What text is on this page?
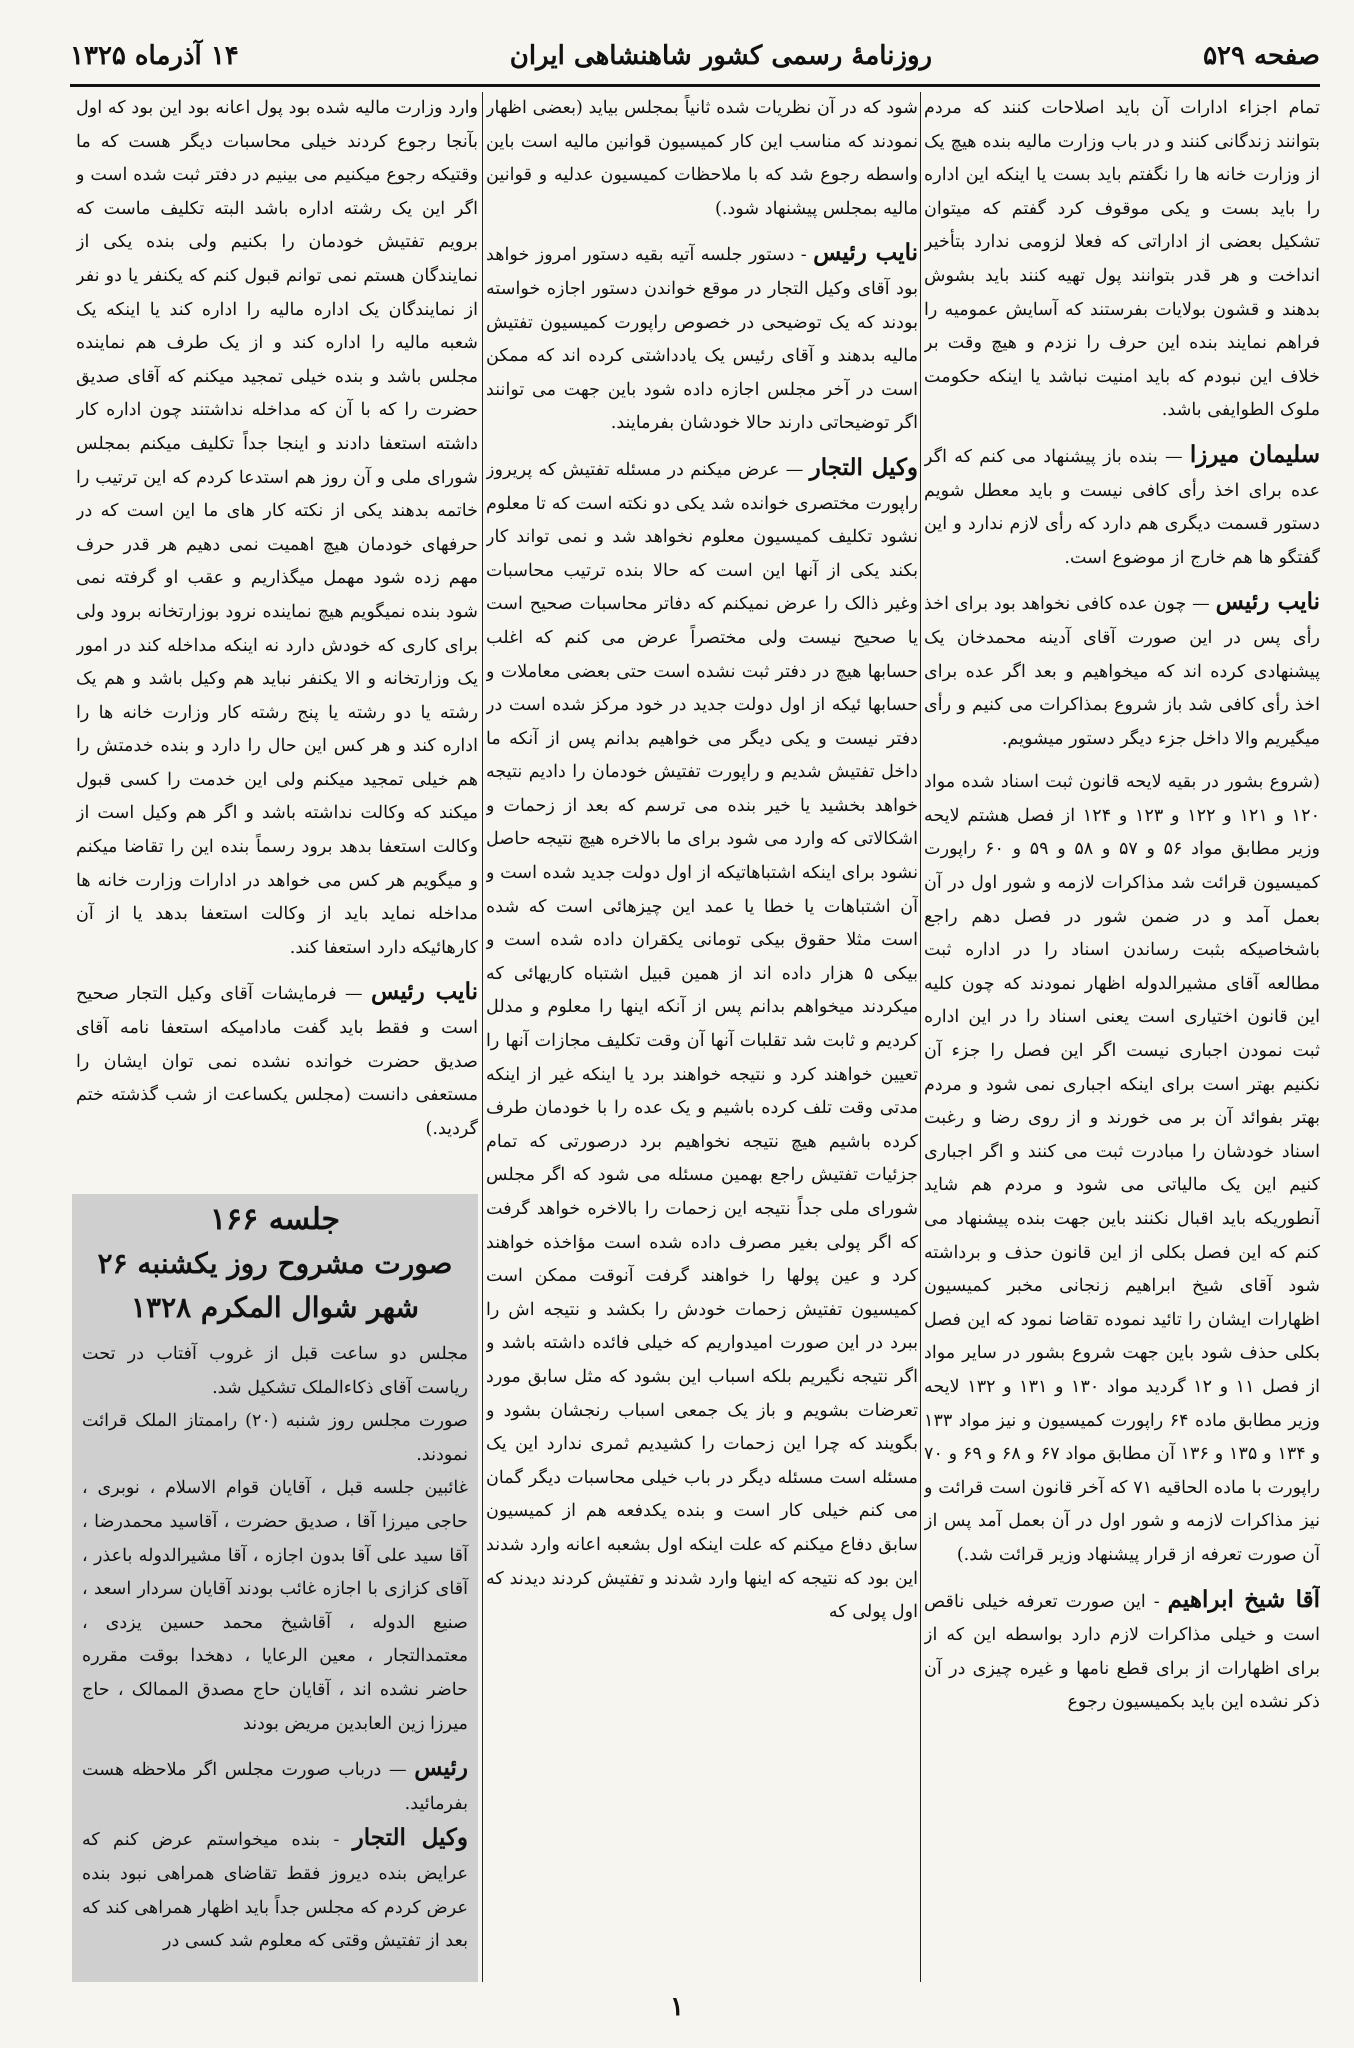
صفحه ۵۲۹
روزنامهٔ رسمی کشور شاهنشاهی ایران
۱۴ آذرماه ۱۳۲۵
تمام اجزاء ادارات آن باید اصلاحات کنند که مردم بتوانند زندگانی کنند و در باب وزارت مالیه بنده هیچ یک از وزارت خانه ها را نگفتم باید بست یا اینکه این اداره را باید بست و یکی موقوف کرد گفتم که میتوان تشکیل بعضی از اداراتی که فعلا لزومی ندارد بتأخیر انداخت و هر قدر بتوانند پول تهیه کنند باید بشوش بدهند و قشون بولایات بفرستند که آسایش عمومیه را فراهم نمایند بنده این حرف را نزدم و هیچ وقت بر خلاف این نبودم که باید امنیت نباشد یا اینکه حکومت ملوک الطوایفی باشد.
سلیمان میرزا — بنده باز پیشنهاد می کنم که اگر عده برای اخذ رأی کافی نیست و باید معطل شویم دستور قسمت دیگری هم دارد که رأی لازم ندارد و این گفتگو ها هم خارج از موضوع است.
نایب رئیس — چون عده کافی نخواهد بود برای اخذ رأی پس در این صورت آقای آدینه محمدخان یک پیشنهادی کرده اند که میخواهیم و بعد اگر عده برای اخذ رأی کافی شد باز شروع بمذاکرات می کنیم و رأی میگیریم والا داخل جزء دیگر دستور میشویم.
(شروع بشور در بقیه لایحه قانون ثبت اسناد شده مواد ۱۲۰ و ۱۲۱ و ۱۲۲ و ۱۲۳ و ۱۲۴ از فصل هشتم لایحه وزیر مطابق مواد ۵۶ و ۵۷ و ۵۸ و ۵۹ و ۶۰ راپورت کمیسیون قرائت شد مذاکرات لازمه و شور اول در آن بعمل آمد و در ضمن شور در فصل دهم راجع باشخاصیکه بثبت رساندن اسناد را در اداره ثبت مطالعه آقای مشیرالدوله اظهار نمودند که چون کلیه این قانون اختیاری است یعنی اسناد را در این اداره ثبت نمودن اجباری نیست اگر این فصل را جزء آن نکنیم بهتر است برای اینکه اجباری نمی شود و مردم بهتر بفوائد آن بر می خورند و از روی رضا و رغبت اسناد خودشان را مبادرت ثبت می کنند و اگر اجباری کنیم این یک مالیاتی می شود و مردم هم شاید آنطوریکه باید اقبال نکنند باین جهت بنده پیشنهاد می کنم که این فصل بکلی از این قانون حذف و برداشته شود آقای شیخ ابراهیم زنجانی مخبر کمیسیون اظهارات ایشان را تائید نموده تقاضا نمود که این فصل بکلی حذف شود باین جهت شروع بشور در سایر مواد از فصل ۱۱ و ۱۲ گردید مواد ۱۳۰ و ۱۳۱ و ۱۳۲ لایحه وزیر مطابق ماده ۶۴ راپورت کمیسیون و نیز مواد ۱۳۳ و ۱۳۴ و ۱۳۵ و ۱۳۶ آن مطابق مواد ۶۷ و ۶۸ و ۶۹ و ۷۰ راپورت با ماده الحاقیه ۷۱ که آخر قانون است قرائت و نیز مذاکرات لازمه و شور اول در آن بعمل آمد پس از آن صورت تعرفه از قرار پیشنهاد وزیر قرائت شد.)
آقا شیخ ابراهیم - این صورت تعرفه خیلی ناقص است و خیلی مذاکرات لازم دارد بواسطه این که از برای اظهارات از برای قطع نامها و غیره چیزی در آن ذکر نشده این باید بکمیسیون رجوع
شود که در آن نظریات شده ثانیاً بمجلس بیاید (بعضی اظهار نمودند که مناسب این کار کمیسیون قوانین مالیه است باین واسطه رجوع شد که با ملاحظات کمیسیون عدلیه و قوانین مالیه بمجلس پیشنهاد شود.)
نایب رئیس - دستور جلسه آتیه بقیه دستور امروز خواهد بود آقای وکیل التجار در موقع خواندن دستور اجازه خواسته بودند که یک توضیحی در خصوص راپورت کمیسیون تفتیش مالیه بدهند و آقای رئیس یک یادداشتی کرده اند که ممکن است در آخر مجلس اجازه داده شود باین جهت می توانند اگر توضیحاتی دارند حالا خودشان بفرمایند.
وکیل التجار — عرض میکنم در مسئله تفتیش که پریروز راپورت مختصری خوانده شد یکی دو نکته است که تا معلوم نشود تکلیف کمیسیون معلوم نخواهد شد و نمی تواند کار بکند یکی از آنها این است که حالا بنده ترتیب محاسبات وغیر ذالک را عرض نمیکنم که دفاتر محاسبات صحیح است یا صحیح نیست ولی مختصراً عرض می کنم که اغلب حسابها هیچ در دفتر ثبت نشده است حتی بعضی معاملات و حسابها ئیکه از اول دولت جدید در خود مرکز شده است در دفتر نیست و یکی دیگر می خواهیم بدانم پس از آنکه ما داخل تفتیش شدیم و راپورت تفتیش خودمان را دادیم نتیجه خواهد بخشید یا خیر بنده می ترسم که بعد از زحمات و اشکالاتی که وارد می شود برای ما بالاخره هیچ نتیجه حاصل نشود برای اینکه اشتباهاتیکه از اول دولت جدید شده است و آن اشتباهات یا خطا یا عمد این چیزهائی است که شده است مثلا حقوق بیکی تومانی یکقران داده شده است و بیکی ۵ هزار داده اند از همین قبیل اشتباه کاریهائی که میکردند میخواهم بدانم پس از آنکه اینها را معلوم و مدلل کردیم و ثابت شد تقلبات آنها آن وقت تکلیف مجازات آنها را تعیین خواهند کرد و نتیجه خواهند برد یا اینکه غیر از اینکه مدتی وقت تلف کرده باشیم و یک عده را با خودمان طرف کرده باشیم هیچ نتیجه نخواهیم برد درصورتی که تمام جزئیات تفتیش راجع بهمین مسئله می شود که اگر مجلس شورای ملی جداً نتیجه این زحمات را بالاخره خواهد گرفت که اگر پولی بغیر مصرف داده شده است مؤاخذه خواهند کرد و عین پولها را خواهند گرفت آنوقت ممکن است کمیسیون تفتیش زحمات خودش را بکشد و نتیجه اش را ببرد در این صورت امیدواریم که خیلی فائده داشته باشد و اگر نتیجه نگیریم بلکه اسباب این بشود که مثل سابق مورد تعرضات بشویم و باز یک جمعی اسباب رنجشان بشود و بگویند که چرا این زحمات را کشیدیم ثمری ندارد این یک مسئله است مسئله دیگر در باب خیلی محاسبات دیگر گمان می کنم خیلی کار است و بنده یکدفعه هم از کمیسیون سابق دفاع میکنم که علت اینکه اول بشعبه اعانه وارد شدند این بود که نتیجه که اینها وارد شدند و تفتیش کردند دیدند که اول پولی که
وارد وزارت مالیه شده بود پول اعانه بود این بود که اول بآنجا رجوع کردند خیلی محاسبات دیگر هست که ما وقتیکه رجوع میکنیم می بینیم در دفتر ثبت شده است و اگر این یک رشته اداره باشد البته تکلیف ماست که برویم تفتیش خودمان را بکنیم ولی بنده یکی از نمایندگان هستم نمی توانم قبول کنم که یکنفر یا دو نفر از نمایندگان یک اداره مالیه را اداره کند یا اینکه یک شعبه مالیه را اداره کند و از یک طرف هم نماینده مجلس باشد و بنده خیلی تمجید میکنم که آقای صدیق حضرت را که با آن که مداخله نداشتند چون اداره کار داشته استعفا دادند و اینجا جداً تکلیف میکنم بمجلس شورای ملی و آن روز هم استدعا کردم که این ترتیب را خاتمه بدهند یکی از نکته کار های ما این است که در حرفهای خودمان هیچ اهمیت نمی دهیم هر قدر حرف مهم زده شود مهمل میگذاریم و عقب او گرفته نمی شود بنده نمیگویم هیچ نماینده نرود بوزارتخانه برود ولی برای کاری که خودش دارد نه اینکه مداخله کند در امور یک وزارتخانه و الا یکنفر نباید هم وکیل باشد و هم یک رشته یا دو رشته یا پنج رشته کار وزارت خانه ها را اداره کند و هر کس این حال را دارد و بنده خدمتش را هم خیلی تمجید میکنم ولی این خدمت را کسی قبول میکند که وکالت نداشته باشد و اگر هم وکیل است از وکالت استعفا بدهد برود رسماً بنده این را تقاضا میکنم و میگویم هر کس می خواهد در ادارات وزارت خانه ها مداخله نماید باید از وکالت استعفا بدهد یا از آن کارهائیکه دارد استعفا کند.
نایب رئیس — فرمایشات آقای وکیل التجار صحیح است و فقط باید گفت مادامیکه استعفا نامه آقای صدیق حضرت خوانده نشده نمی توان ایشان را مستعفی دانست (مجلس یکساعت از شب گذشته ختم گردید.)
جلسه ۱۶۶
صورت مشروح روز یکشنبه ۲۶
شهر شوال المکرم ۱۳۲۸
مجلس دو ساعت قبل از غروب آفتاب در تحت ریاست آقای ذکاءالملک تشکیل شد.
صورت مجلس روز شنبه (۲۰) راممتاز الملک قرائت نمودند.
غائبین جلسه قبل ، آقایان قوام الاسلام ، نوبری ، حاجی میرزا آقا ، صدیق حضرت ، آقاسید محمدرضا ، آقا سید علی آقا بدون اجازه ، آقا مشیرالدوله باعذر ، آقای کزازی با اجازه غائب بودند آقایان سردار اسعد ، صنیع الدوله ، آقاشیخ محمد حسین یزدی ، معتمدالتجار ، معین الرعایا ، دهخدا بوقت مقرره حاضر نشده اند ، آقایان حاج مصدق الممالک ، حاج میرزا زین العابدین مریض بودند
رئیس — درباب صورت مجلس اگر ملاحظه هست بفرمائید.
وکیل التجار - بنده میخواستم عرض کنم که عرایض بنده دیروز فقط تقاضای همراهی نبود بنده عرض کردم که مجلس جداً باید اظهار همراهی کند که بعد از تفتیش وقتی که معلوم شد کسی در
۱
